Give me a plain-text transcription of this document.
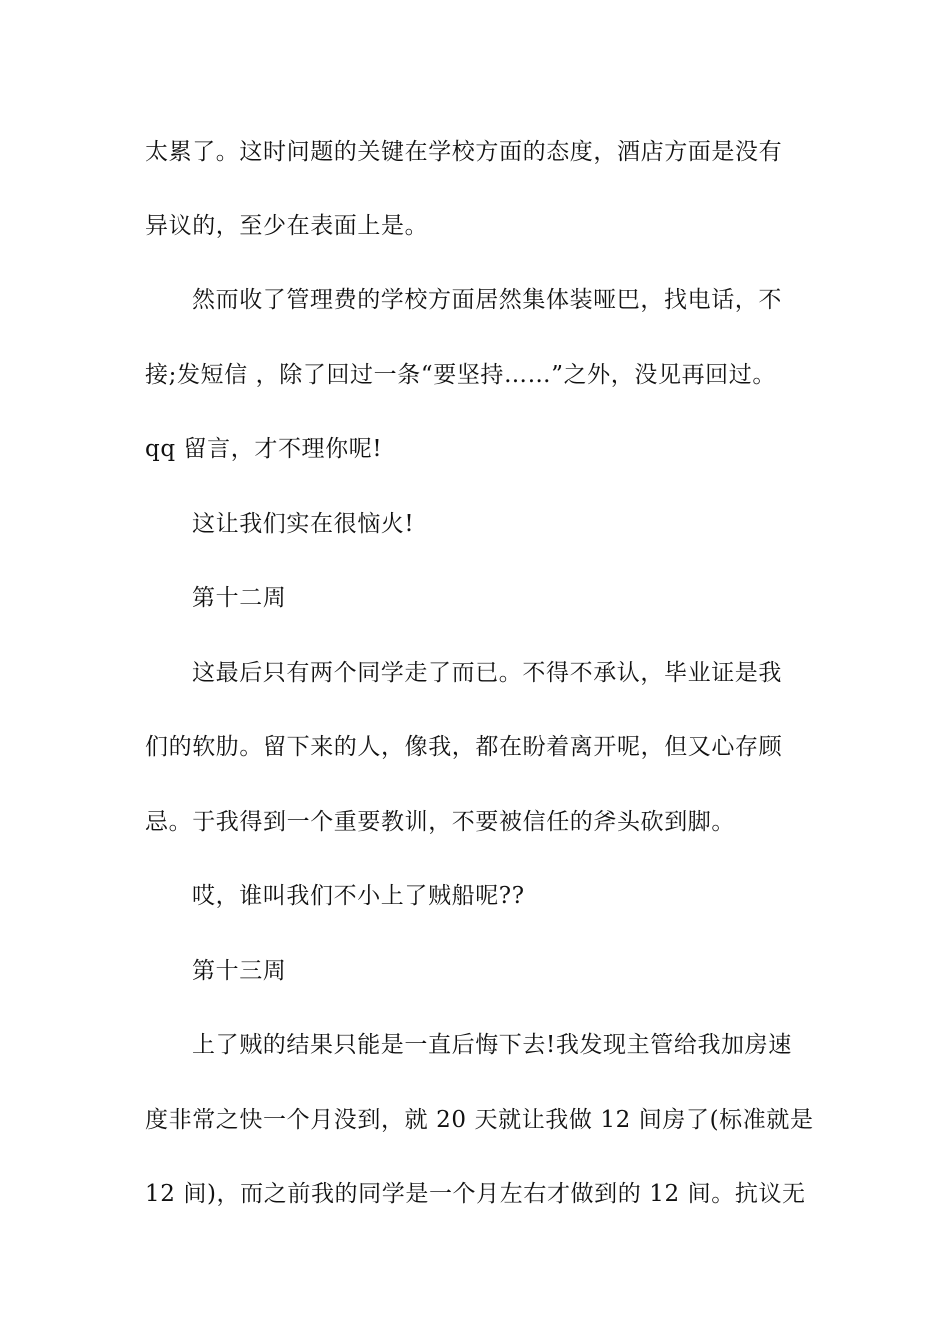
太累了。这时问题的关键在学校方面的态度，酒店方面是没有
异议的，至少在表面上是。
然而收了管理费的学校方面居然集体装哑巴，找电话，不
接;发短信 ，除了回过一条“要坚持……”之外，没见再回过。
qq 留言，才不理你呢!
这让我们实在很恼火!
第十二周
这最后只有两个同学走了而已。不得不承认，毕业证是我
们的软肋。留下来的人，像我，都在盼着离开呢，但又心存顾
忌。于我得到一个重要教训，不要被信任的斧头砍到脚。
哎，谁叫我们不小上了贼船呢??
第十三周
上了贼的结果只能是一直后悔下去!我发现主管给我加房速
度非常之快一个月没到，就 20 天就让我做 12 间房了(标准就是
12 间)，而之前我的同学是一个月左右才做到的 12 间。抗议无
